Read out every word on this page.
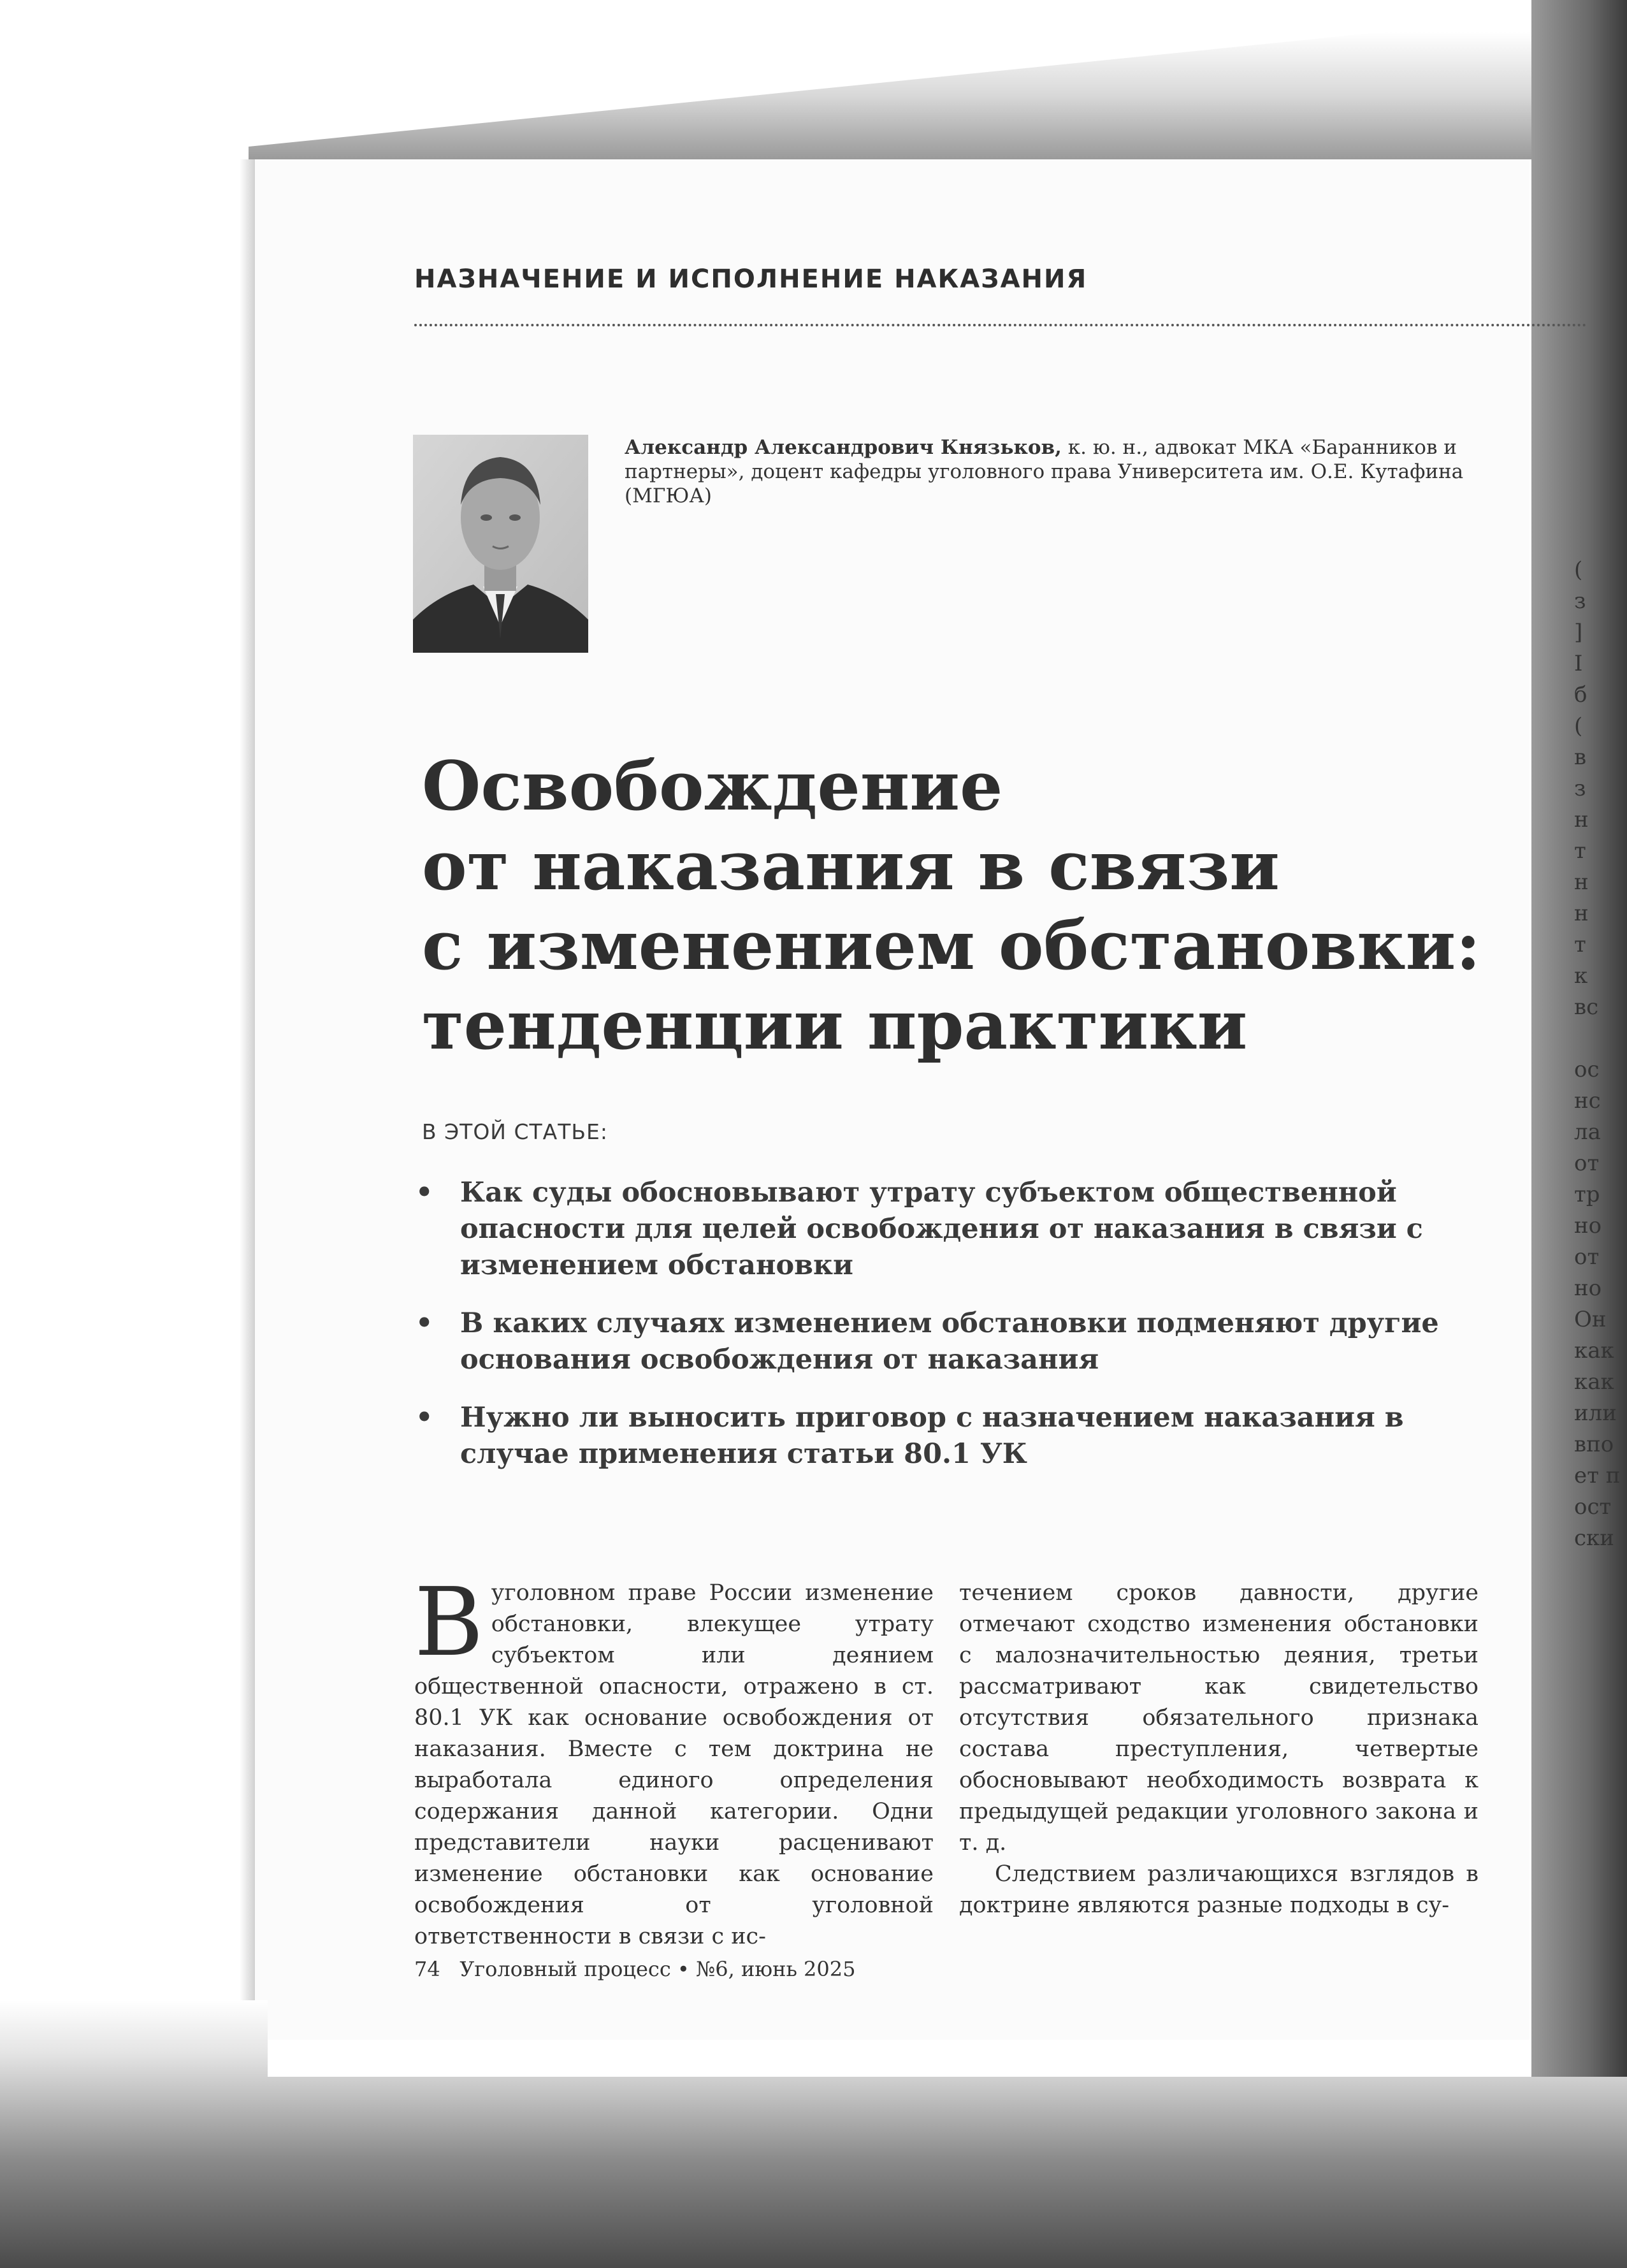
НАЗНАЧЕНИЕ И ИСПОЛНЕНИЕ НАКАЗАНИЯ
Александр Александрович Князьков, к. ю. н., адвокат МКА «Баранников и партнеры», доцент кафедры уголовного права Университета им. О.Е. Кутафина (МГЮА)
Освобождение
от наказания в связи
с изменением обстановки:
тенденции практики
В ЭТОЙ СТАТЬЕ:
• Как суды обосновывают утрату субъектом общественной опасности для целей освобождения от наказания в связи с изменением обстановки
• В каких случаях изменением обстановки подменяют другие основания освобождения от наказания
• Нужно ли выносить приговор с назначением наказания в случае применения статьи 80.1 УК

В уголовном праве России изменение обстановки, влекущее утрату субъектом или деянием общественной опасности, отражено в ст. 80.1 УК как основание освобождения от наказания. Вместе с тем доктрина не выработала единого определения содержания данной категории. Одни представители науки расценивают изменение обстановки как основание освобождения от уголовной ответственности в связи с ис-

течением сроков давности, другие отмечают сходство изменения обстановки с малозначительностью деяния, третьи рассматривают как свидетельство отсутствия обязательного признака состава преступления, четвертые обосновывают необходимость возврата к предыдущей редакции уголовного закона и т. д.

Следствием различающихся взглядов в доктрине являются разные подходы в су-

74 Уголовный процесс • №6, июнь 2025
(
з
]
I
б
(
в
з
н
т
н
н
т
к
вс
ос
нс
ла
от
тр
но
от
но
Он
как
как
или
впо
ет п
ост
ски
